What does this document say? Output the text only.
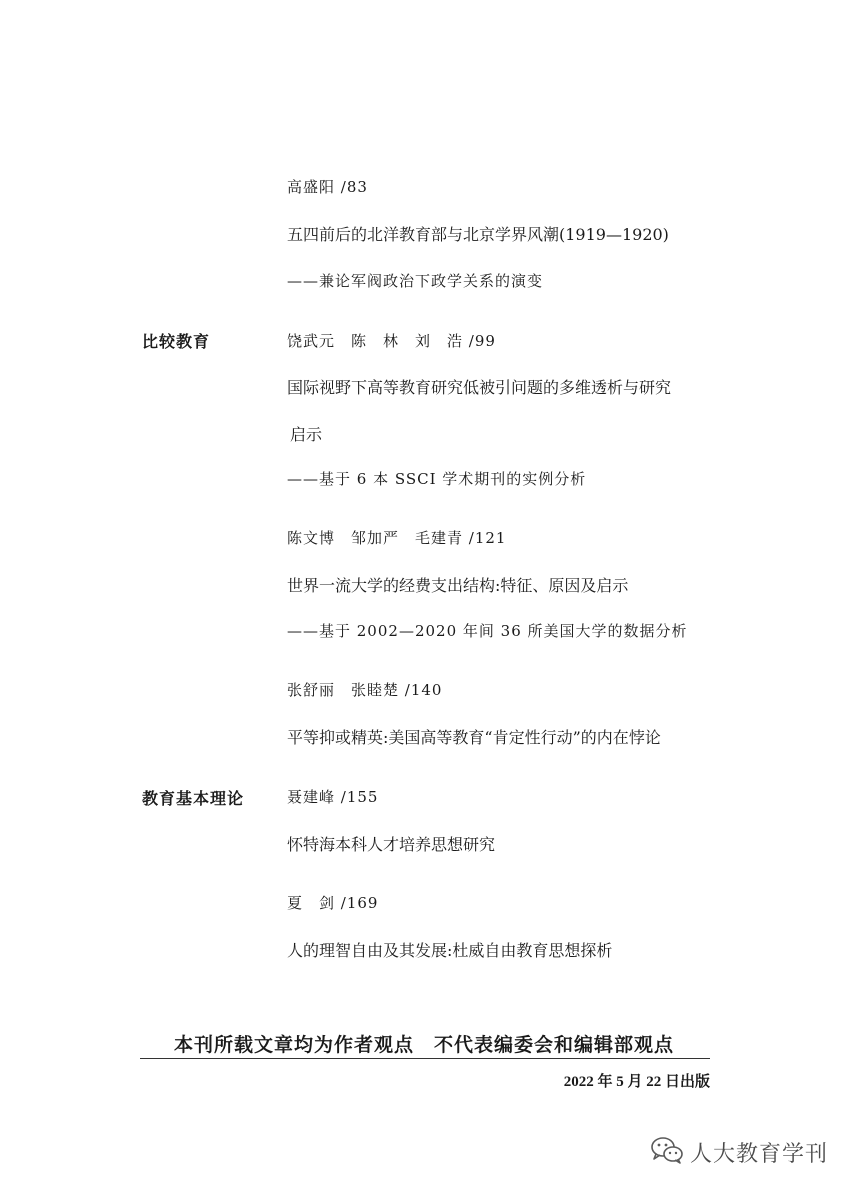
高盛阳 /83
五四前后的北洋教育部与北京学界风潮(1919—1920)
——兼论军阀政治下政学关系的演变
比较教育	饶武元　陈　林　刘　浩 /99
国际视野下高等教育研究低被引问题的多维透析与研究
启示
——基于 6 本 SSCI 学术期刊的实例分析
陈文博　邹加严　毛建青 /121
世界一流大学的经费支出结构:特征、原因及启示
——基于 2002—2020 年间 36 所美国大学的数据分析
张舒丽　张睦楚 /140
平等抑或精英:美国高等教育“肯定性行动”的内在悖论
教育基本理论	聂建峰 /155
怀特海本科人才培养思想研究
夏　剑 /169
人的理智自由及其发展:杜威自由教育思想探析
本刊所载文章均为作者观点　不代表编委会和编辑部观点
2022 年 5 月 22 日出版
人大教育学刊
